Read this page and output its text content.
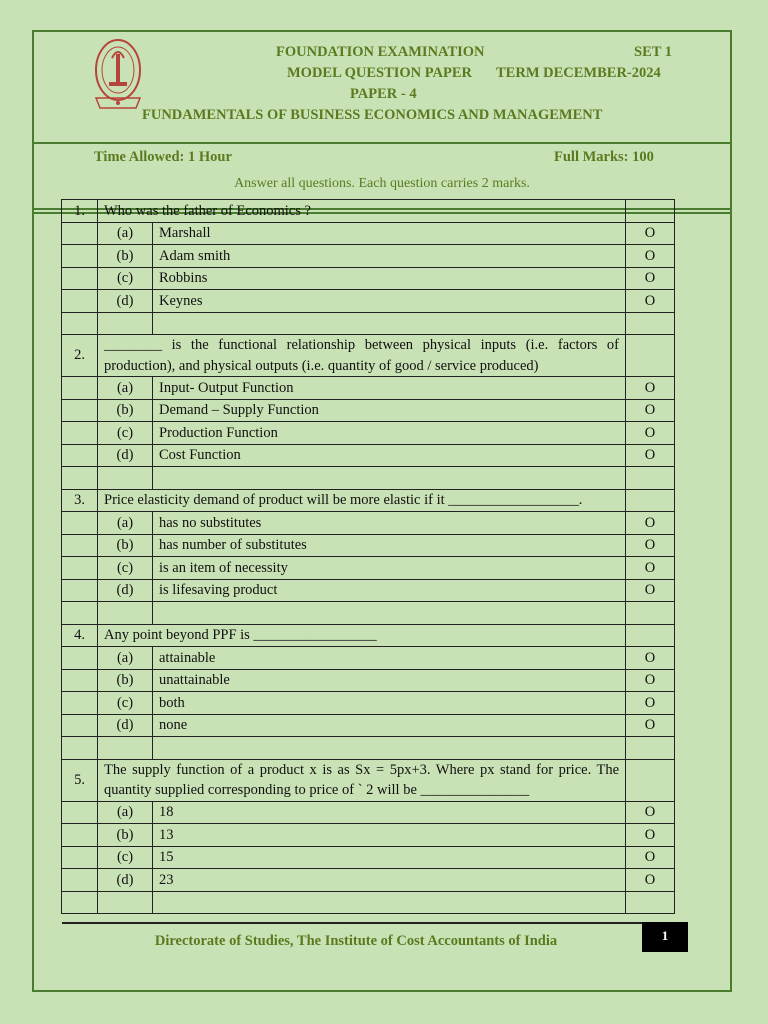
FOUNDATION EXAMINATION	SET 1
MODEL QUESTION PAPER TERM DECEMBER-2024
PAPER - 4
FUNDAMENTALS OF BUSINESS ECONOMICS AND MANAGEMENT
Time Allowed: 1 Hour	Full Marks: 100
Answer all questions. Each question carries 2 marks.
1.	Who was the father of Economics ?		
	(a)	Marshall	O
	(b)	Adam smith	O
	(c)	Robbins	O
	(d)	Keynes	O

2.	________ is the functional relationship between physical inputs (i.e. factors of production), and physical outputs (i.e. quantity of good / service produced)		
	(a)	Input- Output Function	O
	(b)	Demand – Supply Function	O
	(c)	Production Function	O
	(d)	Cost Function	O

3.	Price elasticity demand of product will be more elastic if it __________________.		
	(a)	has no substitutes	O
	(b)	has number of substitutes	O
	(c)	is an item of necessity	O
	(d)	is lifesaving product	O

4.	Any point beyond PPF is _________________		
	(a)	attainable	O
	(b)	unattainable	O
	(c)	both	O
	(d)	none	O

5.	The supply function of a product x is as Sx = 5px+3. Where px stand for price. The quantity supplied corresponding to price of ` 2 will be _______________		
	(a)	18	O
	(b)	13	O
	(c)	15	O
	(d)	23	O

Directorate of Studies, The Institute of Cost Accountants of India	1
